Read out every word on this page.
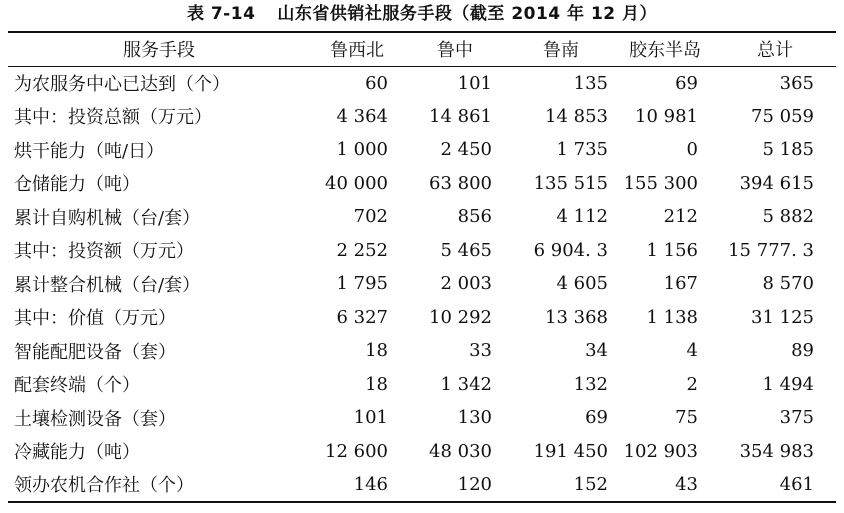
表 7-14 山东省供销社服务手段（截至 2014 年 12 月）
服务手段	鲁西北	鲁中	鲁南	胶东半岛	总计
为农服务中心已达到（个）	60	101	135	69	365
其中：投资总额（万元）	4 364	14 861	14 853	10 981	75 059
烘干能力（吨/日）	1 000	2 450	1 735	0	5 185
仓储能力（吨）	40 000	63 800	135 515	155 300	394 615
累计自购机械（台/套）	702	856	4 112	212	5 882
其中：投资额（万元）	2 252	5 465	6 904. 3	1 156	15 777. 3
累计整合机械（台/套）	1 795	2 003	4 605	167	8 570
其中：价值（万元）	6 327	10 292	13 368	1 138	31 125
智能配肥设备（套）	18	33	34	4	89
配套终端（个）	18	1 342	132	2	1 494
土壤检测设备（套）	101	130	69	75	375
冷藏能力（吨）	12 600	48 030	191 450	102 903	354 983
领办农机合作社（个）	146	120	152	43	461
